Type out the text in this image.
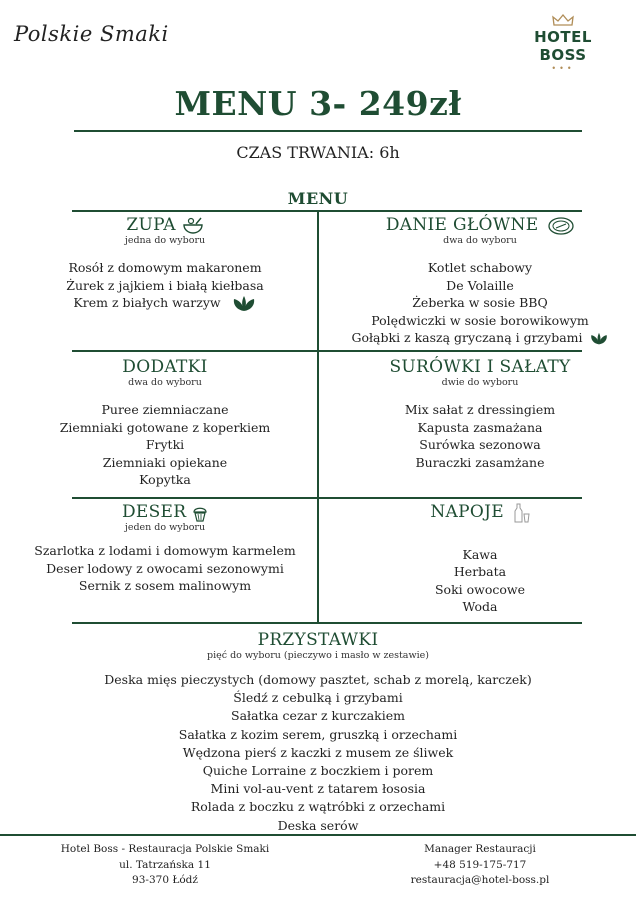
Polskie Smaki	HOTEL BOSS
•••
MENU 3- 249zł
CZAS TRWANIA: 6h
MENU
ZUPA
jedna do wyboru
Rosół z domowym makaronem
Żurek z jajkiem i białą kiełbasa
Krem z białych warzyw
DANIE GŁÓWNE
dwa do wyboru
Kotlet schabowy
De Volaille
Żeberka w sosie BBQ
Polędwiczki w sosie borowikowym
Gołąbki z kaszą gryczaną i grzybami
DODATKI
dwa do wyboru
Puree ziemniaczane
Ziemniaki gotowane z koperkiem
Frytki
Ziemniaki opiekane
Kopytka
SURÓWKI I SAŁATY
dwie do wyboru
Mix sałat z dressingiem
Kapusta zasmażana
Surówka sezonowa
Buraczki zasamżane
DESER
jeden do wyboru
Szarlotka z lodami i domowym karmelem
Deser lodowy z owocami sezonowymi
Sernik z sosem malinowym
NAPOJE
Kawa
Herbata
Soki owocowe
Woda
PRZYSTAWKI
pięć do wyboru (pieczywo i masło w zestawie)
Deska mięs pieczystych (domowy pasztet, schab z morelą, karczek)
Śledź z cebulką i grzybami
Sałatka cezar z kurczakiem
Sałatka z kozim serem, gruszką i orzechami
Wędzona pierś z kaczki z musem ze śliwek
Quiche Lorraine z boczkiem i porem
Mini vol-au-vent z tatarem łososia
Rolada z boczku z wątróbki z orzechami
Deska serów
Hotel Boss - Restauracja Polskie Smaki
ul. Tatrzańska 11
93-370 Łódź
Manager Restauracji
+48 519-175-717
restauracja@hotel-boss.pl
